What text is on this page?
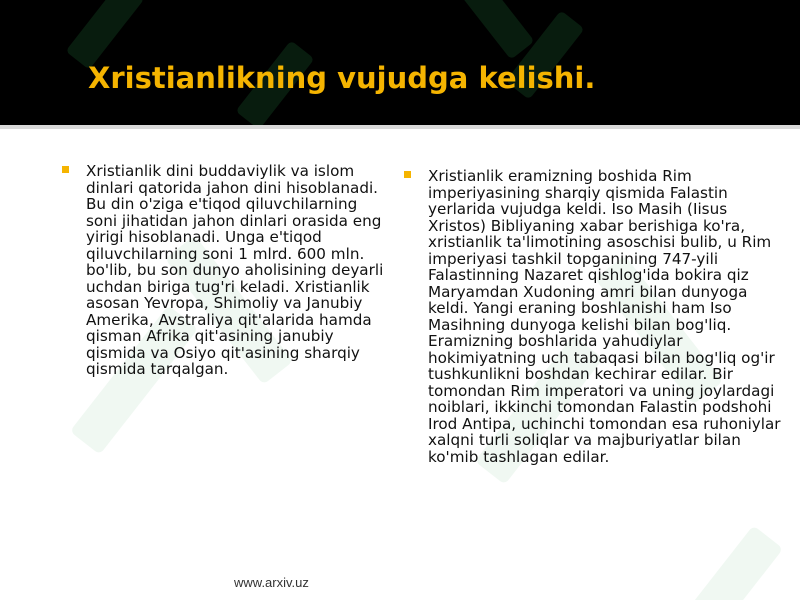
Xristianlikning vujudga kelishi.
Xristianlik dini buddaviylik va islom dinlari qatorida jahon dini hisoblanadi. Bu din o'ziga e'tiqod qiluvchilarning soni jihatidan jahon dinlari orasida eng yirigi hisoblanadi. Unga e'tiqod qiluvchilarning soni 1 mlrd. 600 mln. bo'lib, bu son dunyo aholisining deyarli uchdan biriga tug'ri keladi. Xristianlik asosan Yevropa, Shimoliy va Janubiy Amerika, Avstraliya qit'alarida hamda qisman Afrika qit'asining janubiy qismida va Osiyo qit'asining sharqiy qismida tarqalgan.
Xristianlik eramizning boshida Rim imperiyasining sharqiy qismida Falastin yerlarida vujudga keldi. Iso Masih (Iisus Xristos) Bibliyaning xabar berishiga ko'ra, xristianlik ta'limotining asoschisi bulib, u Rim imperiyasi tashkil topganining 747-yili Falastinning Nazaret qishlog'ida bokira qiz Maryamdan Xudoning amri bilan dunyoga keldi. Yangi eraning boshlanishi ham Iso Masihning dunyoga kelishi bilan bog'liq. Eramizning boshlarida yahudiylar hokimiyatning uch tabaqasi bilan bog'liq og'ir tushkunlikni boshdan kechirar edilar. Bir tomondan Rim imperatori va uning joylardagi noiblari, ikkinchi tomondan Falastin podshohi Irod Antipa, uchinchi tomondan esa ruhoniylar xalqni turli soliqlar va majburiyatlar bilan ko'mib tashlagan edilar.
www.arxiv.uz
